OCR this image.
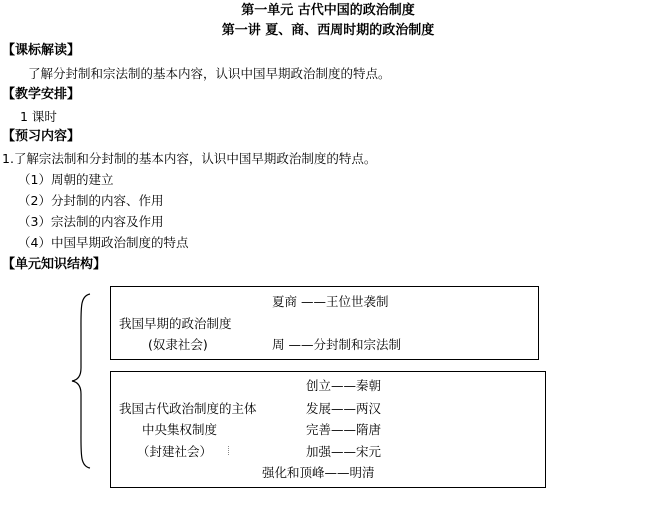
第一单元 古代中国的政治制度
第一讲 夏、商、西周时期的政治制度
【课标解读】
了解分封制和宗法制的基本内容，认识中国早期政治制度的特点。
【教学安排】
1 课时
【预习内容】
1.了解宗法制和分封制的基本内容，认识中国早期政治制度的特点。
（1）周朝的建立
（2）分封制的内容、作用
（3）宗法制的内容及作用
（4）中国早期政治制度的特点
【单元知识结构】
夏商 ——王位世袭制
我国早期的政治制度
(奴隶社会)	周 ——分封制和宗法制
创立——秦朝
我国古代政治制度的主体	发展——两汉
中央集权制度	完善——隋唐
（封建社会）	加强——宋元
强化和顶峰——明清
